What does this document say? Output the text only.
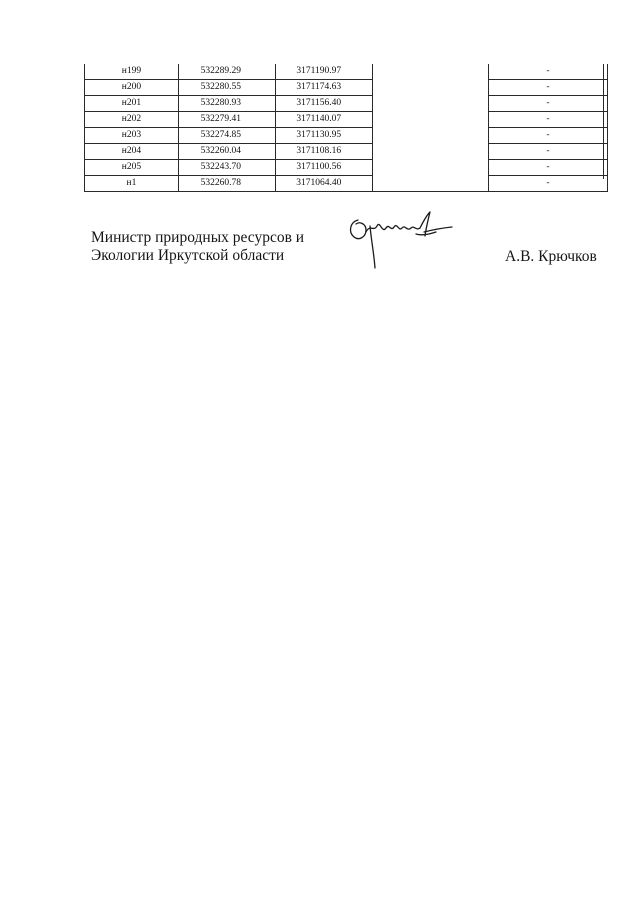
н199	532289.29	3171190.97		-
н200	532280.55	3171174.63		-
н201	532280.93	3171156.40		-
н202	532279.41	3171140.07		-
н203	532274.85	3171130.95		-
н204	532260.04	3171108.16		-
н205	532243.70	3171100.56		-
н1	532260.78	3171064.40		-
Министр природных ресурсов и
Экологии Иркутской области	А.В. Крючков
